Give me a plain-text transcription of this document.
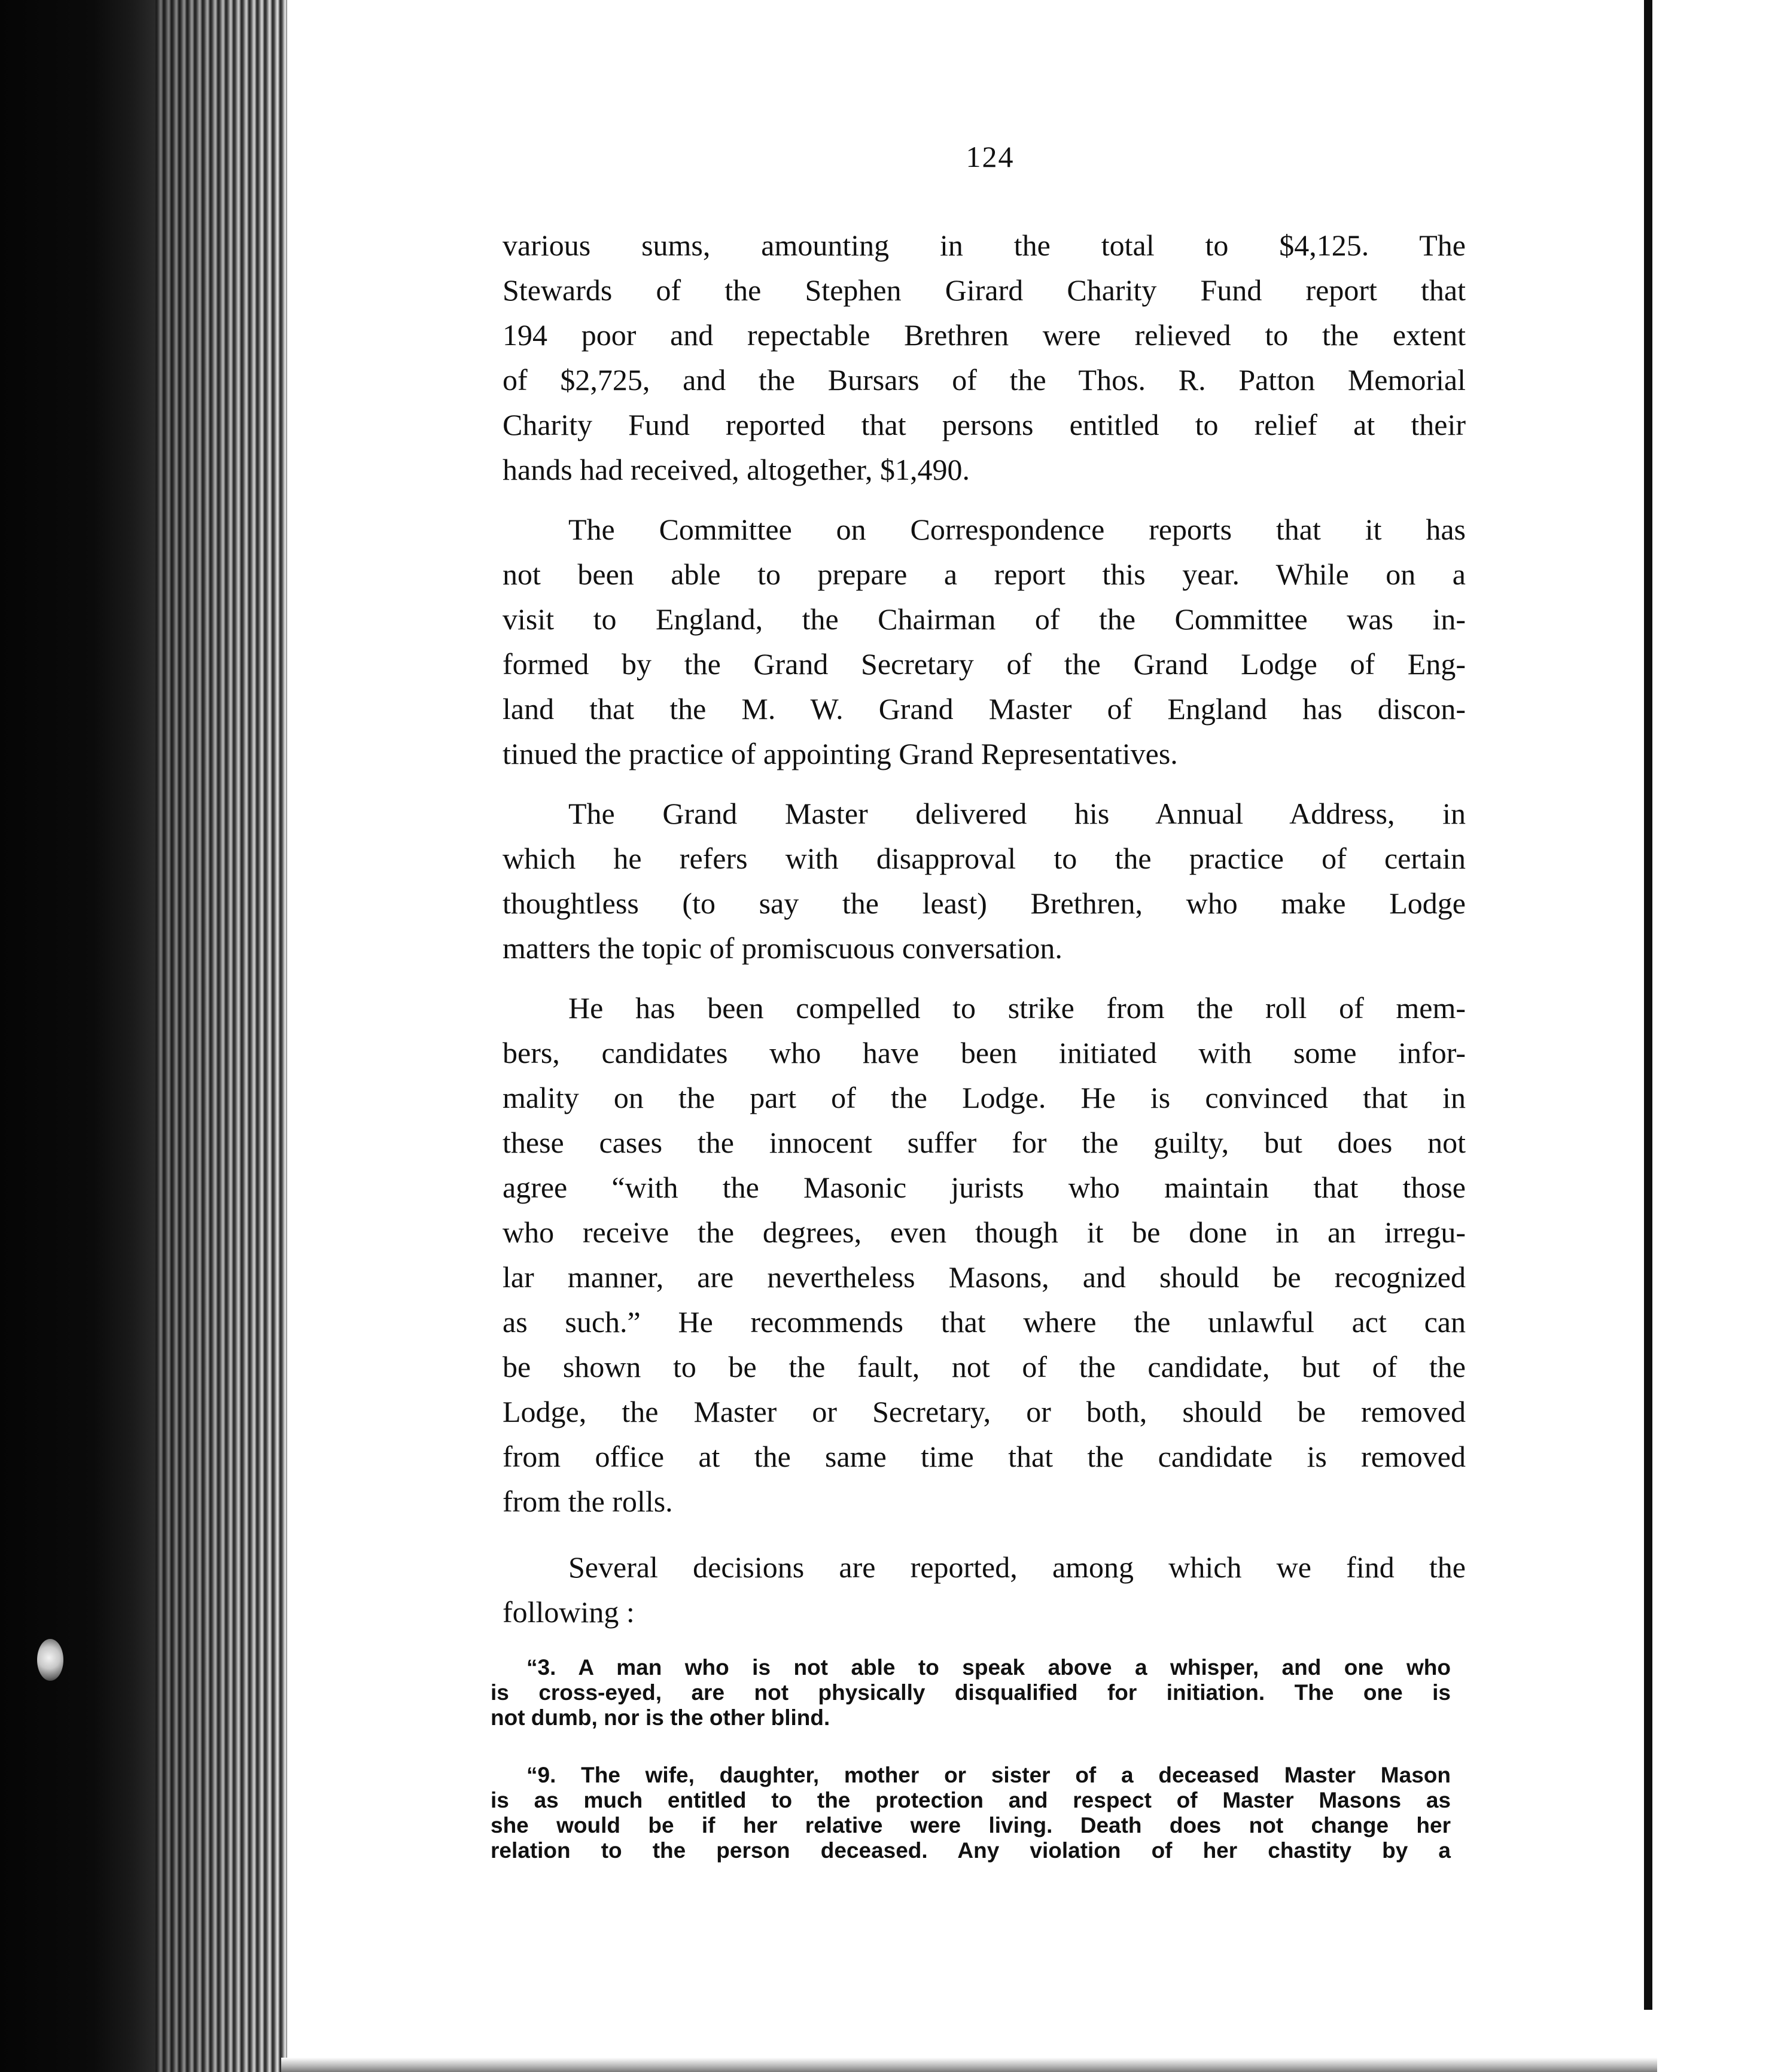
124
various sums, amounting in the total to $4,125. The
Stewards of the Stephen Girard Charity Fund report that
194 poor and repectable Brethren were relieved to the extent
of $2,725, and the Bursars of the Thos. R. Patton Memorial
Charity Fund reported that persons entitled to relief at their
hands had received, altogether, $1,490.
The Committee on Correspondence reports that it has
not been able to prepare a report this year. While on a
visit to England, the Chairman of the Committee was in-
formed by the Grand Secretary of the Grand Lodge of Eng-
land that the M. W. Grand Master of England has discon-
tinued the practice of appointing Grand Representatives.
The Grand Master delivered his Annual Address, in
which he refers with disapproval to the practice of certain
thoughtless (to say the least) Brethren, who make Lodge
matters the topic of promiscuous conversation.
He has been compelled to strike from the roll of mem-
bers, candidates who have been initiated with some infor-
mality on the part of the Lodge. He is convinced that in
these cases the innocent suffer for the guilty, but does not
agree “with the Masonic jurists who maintain that those
who receive the degrees, even though it be done in an irregu-
lar manner, are nevertheless Masons, and should be recognized
as such.” He recommends that where the unlawful act can
be shown to be the fault, not of the candidate, but of the
Lodge, the Master or Secretary, or both, should be removed
from office at the same time that the candidate is removed
from the rolls.
Several decisions are reported, among which we find the
following :
“3. A man who is not able to speak above a whisper, and one who
is cross-eyed, are not physically disqualified for initiation. The one is
not dumb, nor is the other blind.
“9. The wife, daughter, mother or sister of a deceased Master Mason
is as much entitled to the protection and respect of Master Masons as
she would be if her relative were living. Death does not change her
relation to the person deceased. Any violation of her chastity by a
